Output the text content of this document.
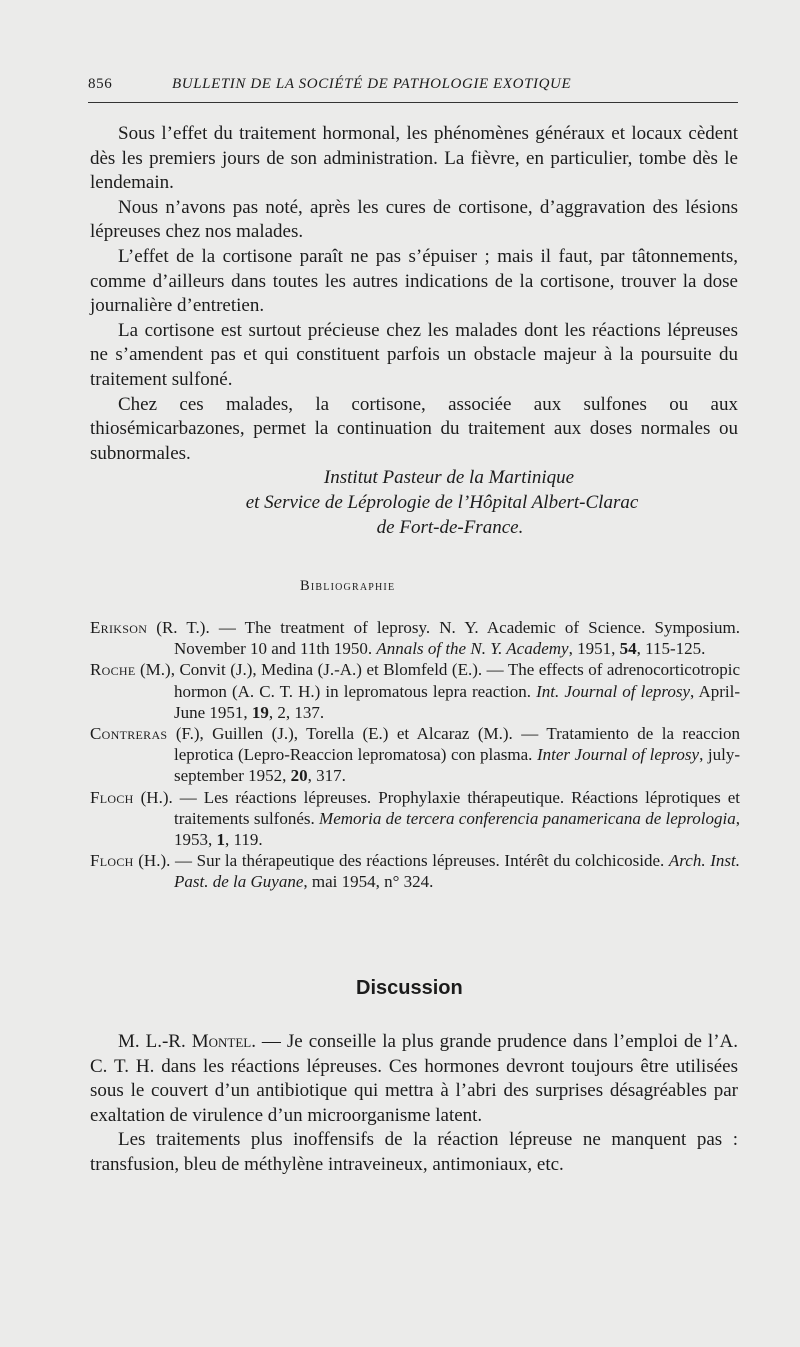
856	BULLETIN DE LA SOCIÉTÉ DE PATHOLOGIE EXOTIQUE

Sous l’effet du traitement hormonal, les phénomènes généraux et locaux cèdent dès les premiers jours de son administration. La fièvre, en particulier, tombe dès le lendemain.

Nous n’avons pas noté, après les cures de cortisone, d’aggravation des lésions lépreuses chez nos malades.

L’effet de la cortisone paraît ne pas s’épuiser ; mais il faut, par tâtonnements, comme d’ailleurs dans toutes les autres indications de la cortisone, trouver la dose journalière d’entretien.

La cortisone est surtout précieuse chez les malades dont les réactions lépreuses ne s’amendent pas et qui constituent parfois un obstacle majeur à la poursuite du traitement sulfoné.

Chez ces malades, la cortisone, associée aux sulfones ou aux thiosémicarbazones, permet la continuation du traitement aux doses normales ou subnormales.

Institut Pasteur de la Martinique

et Service de Léprologie de l’Hôpital Albert-Clarac

de Fort-de-France.

Bibliographie

Erikson (R. T.). — The treatment of leprosy. N. Y. Academic of Science. Symposium. November 10 and 11th 1950. Annals of the N. Y. Academy, 1951, 54, 115-125.

Roche (M.), Convit (J.), Medina (J.-A.) et Blomfeld (E.). — The effects of adrenocorticotropic hormon (A. C. T. H.) in lepromatous lepra reaction. Int. Journal of leprosy, April-June 1951, 19, 2, 137.

Contreras (F.), Guillen (J.), Torella (E.) et Alcaraz (M.). — Tratamiento de la reaccion leprotica (Lepro-Reaccion lepromatosa) con plasma. Inter Journal of leprosy, july-september 1952, 20, 317.

Floch (H.). — Les réactions lépreuses. Prophylaxie thérapeutique. Réactions léprotiques et traitements sulfonés. Memoria de tercera conferencia panamericana de leprologia, 1953, 1, 119.

Floch (H.). — Sur la thérapeutique des réactions lépreuses. Intérêt du colchicoside. Arch. Inst. Past. de la Guyane, mai 1954, n° 324.

Discussion

M. L.-R. Montel. — Je conseille la plus grande prudence dans l’emploi de l’A. C. T. H. dans les réactions lépreuses. Ces hormones devront toujours être utilisées sous le couvert d’un antibiotique qui mettra à l’abri des surprises désagréables par exaltation de virulence d’un microorganisme latent.

Les traitements plus inoffensifs de la réaction lépreuse ne manquent pas : transfusion, bleu de méthylène intraveineux, antimoniaux, etc.
